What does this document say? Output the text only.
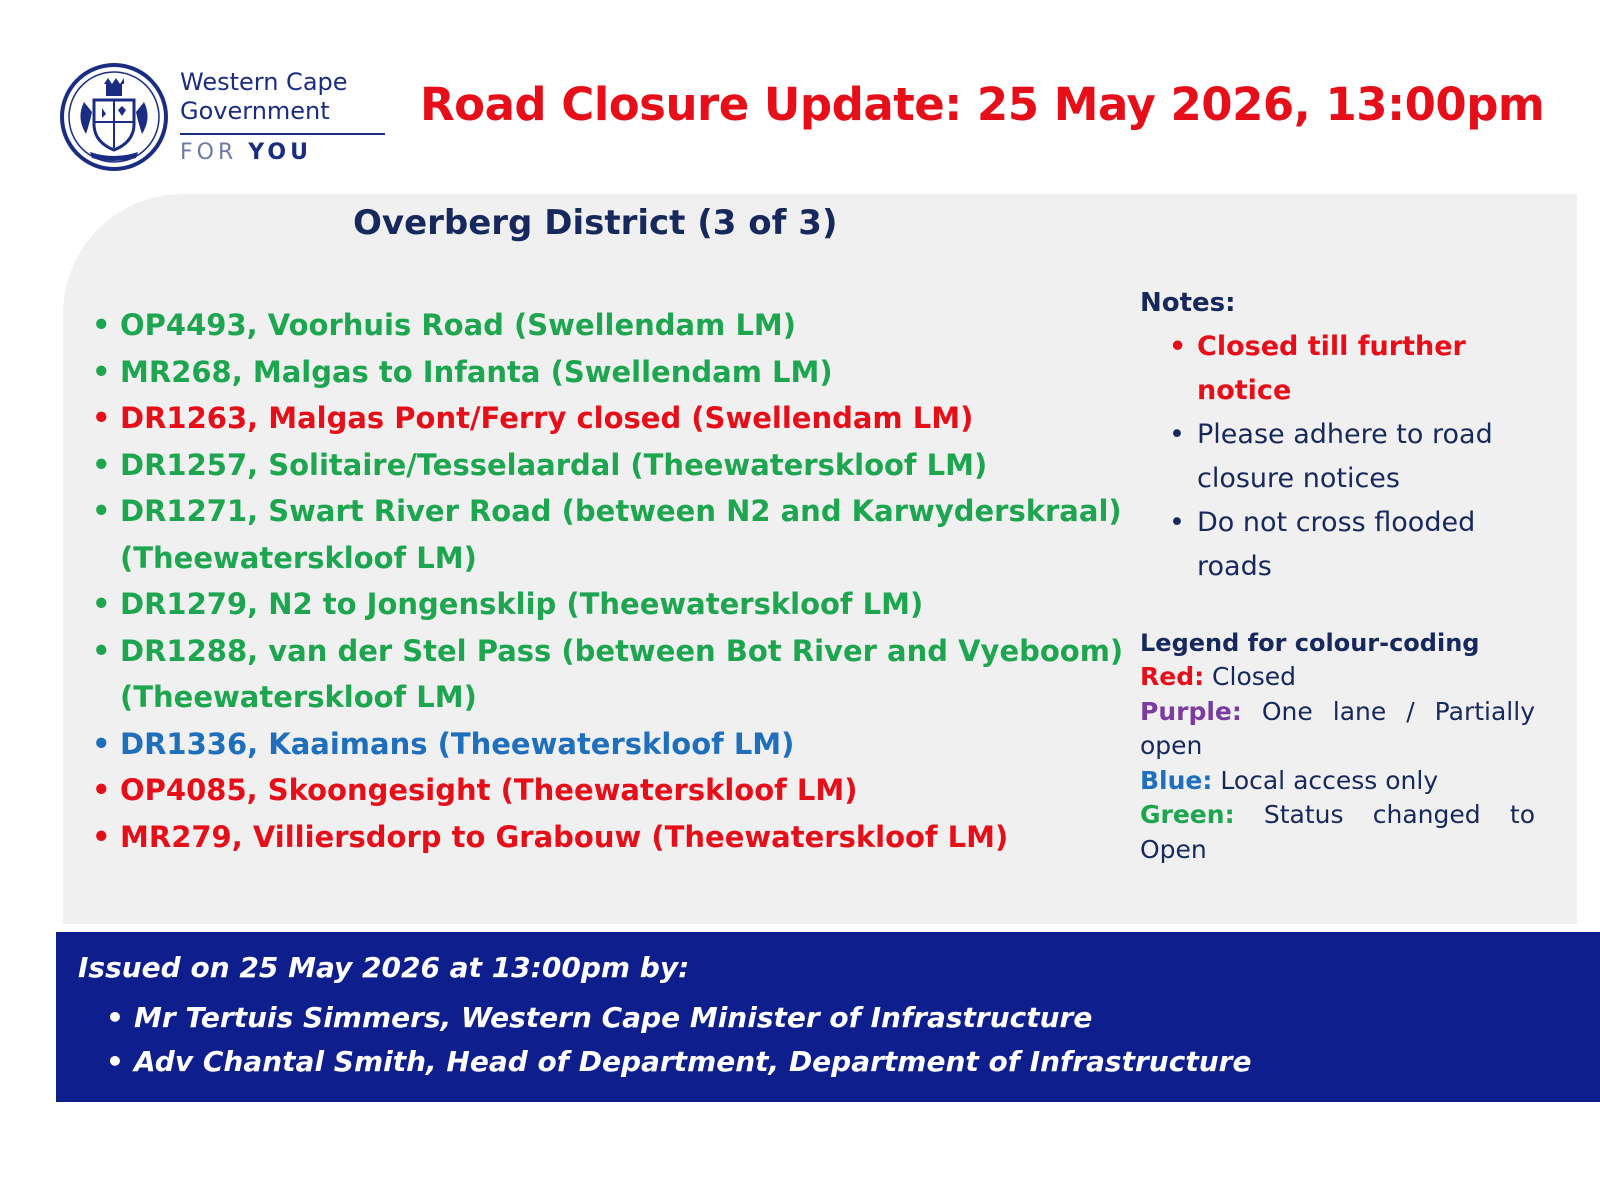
Western Cape
Government
FOR YOU
Road Closure Update: 25 May 2026, 13:00pm
Overberg District (3 of 3)
• OP4493, Voorhuis Road (Swellendam LM)
• MR268, Malgas to Infanta (Swellendam LM)
• DR1263, Malgas Pont/Ferry closed (Swellendam LM)
• DR1257, Solitaire/Tesselaardal (Theewaterskloof LM)
• DR1271, Swart River Road (between N2 and Karwyderskraal) (Theewaterskloof LM)
• DR1279, N2 to Jongensklip (Theewaterskloof LM)
• DR1288, van der Stel Pass (between Bot River and Vyeboom) (Theewaterskloof LM)
• DR1336, Kaaimans (Theewaterskloof LM)
• OP4085, Skoongesight (Theewaterskloof LM)
• MR279, Villiersdorp to Grabouw (Theewaterskloof LM)
Notes:
• Closed till further notice
• Please adhere to road closure notices
• Do not cross flooded roads
Legend for colour-coding
Red: Closed
Purple: One lane / Partially open
Blue: Local access only
Green: Status changed to Open
Issued on 25 May 2026 at 13:00pm by:
• Mr Tertuis Simmers, Western Cape Minister of Infrastructure
• Adv Chantal Smith, Head of Department, Department of Infrastructure
